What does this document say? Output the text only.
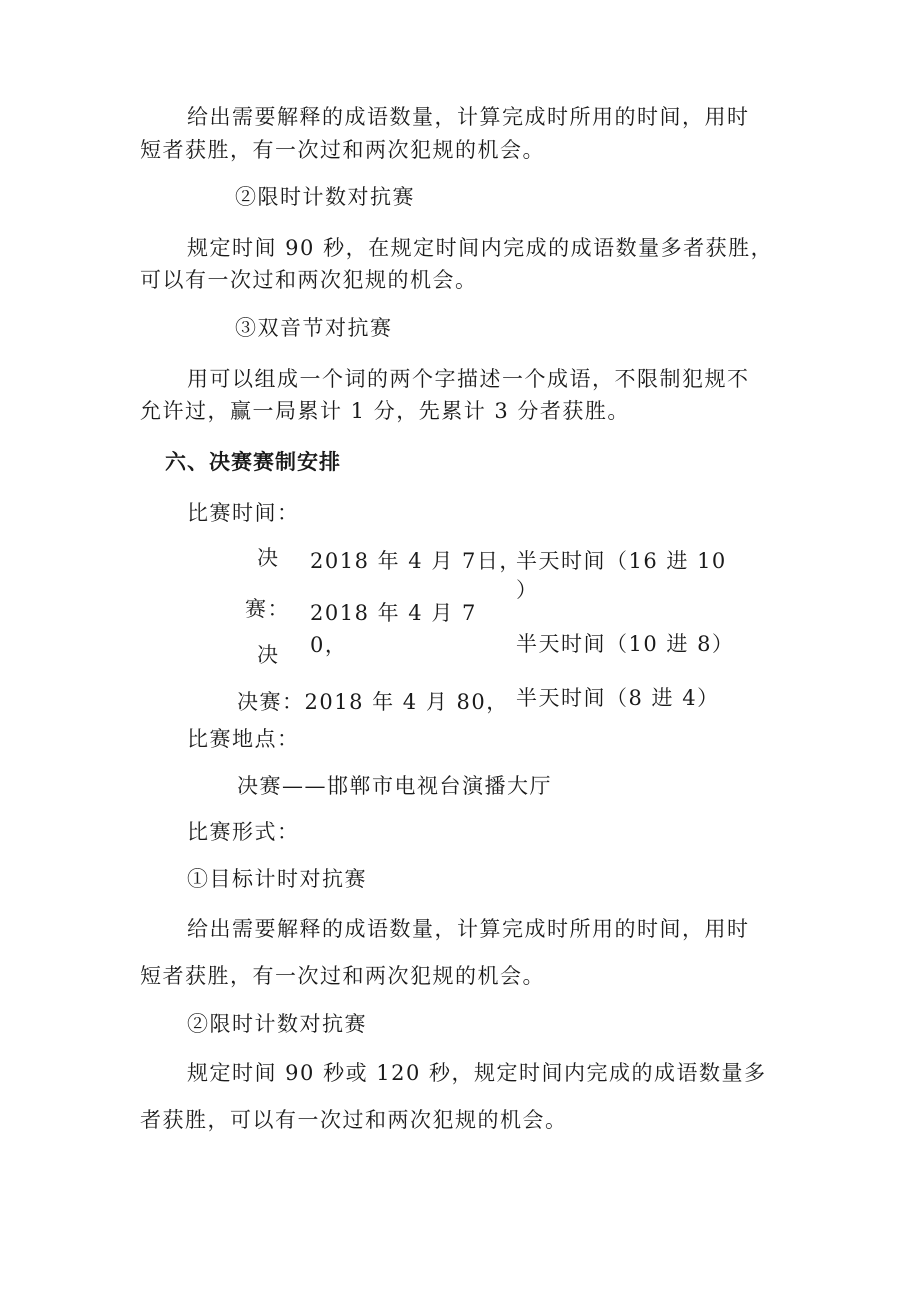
给出需要解释的成语数量，计算完成时所用的时间，用时
短者获胜，有一次过和两次犯规的机会。
②限时计数对抗赛
规定时间 90 秒，在规定时间内完成的成语数量多者获胜，
可以有一次过和两次犯规的机会。
③双音节对抗赛
用可以组成一个词的两个字描述一个成语，不限制犯规不
允许过，赢一局累计 1 分，先累计 3 分者获胜。
六、决赛赛制安排
比赛时间：
决 2018 年 4 月 7日，
半天时间（16 进 10
）
赛： 2018 年 4 月 7
0，	半天时间（10 进 8）
决
决赛：2018 年 4 月 80， 半天时间（8 进 4）
比赛地点：
决赛——邯郸市电视台演播大厅
比赛形式：
①目标计时对抗赛
给出需要解释的成语数量，计算完成时所用的时间，用时
短者获胜，有一次过和两次犯规的机会。
②限时计数对抗赛
规定时间 90 秒或 120 秒，规定时间内完成的成语数量多
者获胜，可以有一次过和两次犯规的机会。
